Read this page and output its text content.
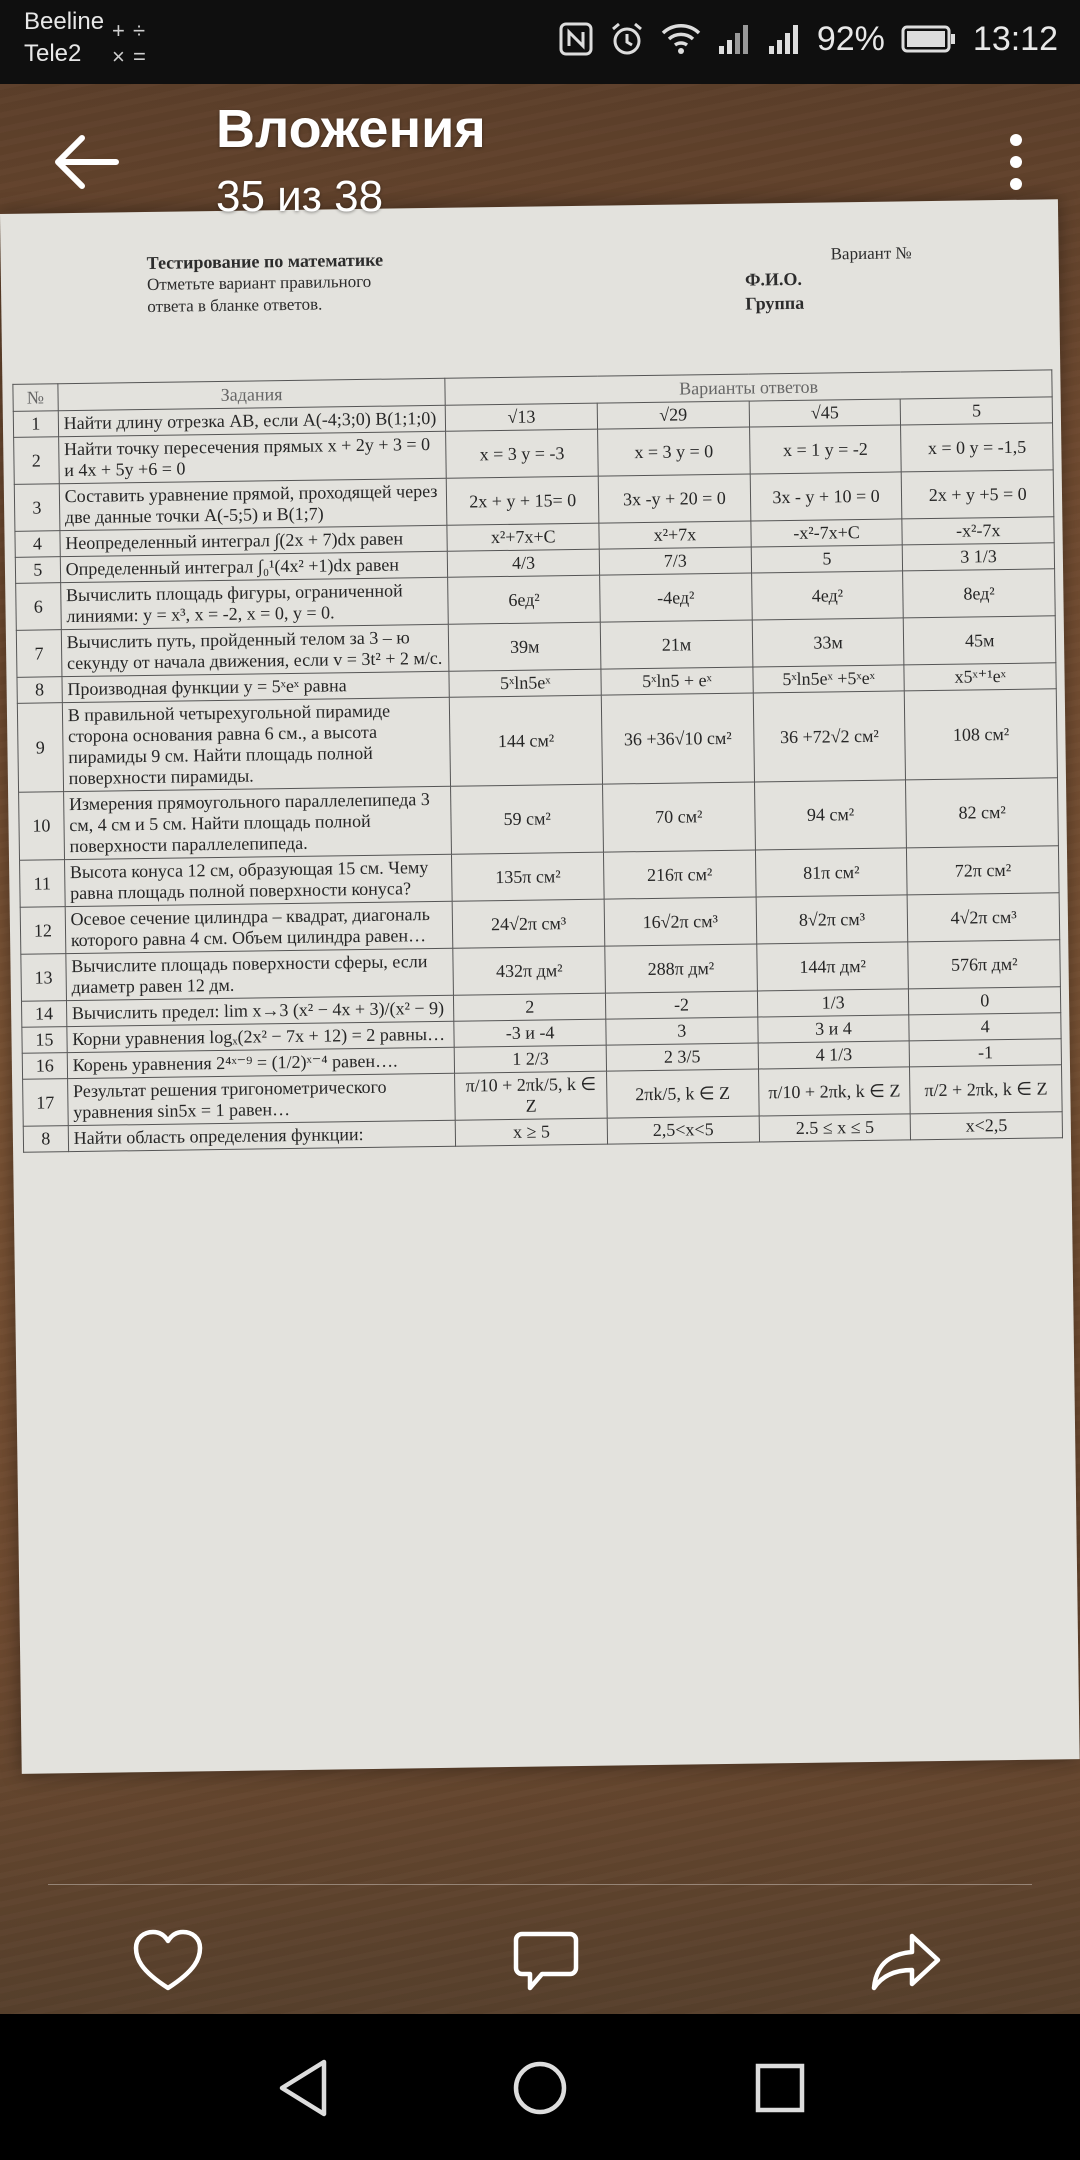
Beeline
Tele2
+ ÷
× =	92%	13:12
Тестирование по математике
Отметьте вариант правильного
ответа в бланке ответов.
Вариант №
Ф.И.О.
Группа
№	Задания	Варианты ответов			
1	Найти длину отрезка АВ, если А(-4;3;0) В(1;1;0)	√13	√29	√45	5
2	Найти точку пересечения прямых x + 2y + 3 = 0 и 4x + 5y +6 = 0	x = 3 y = -3	x = 3 y = 0	x = 1 y = -2	x = 0 y = -1,5
3	Составить уравнение прямой, проходящей через две данные точки А(-5;5) и В(1;7)	2x + y + 15= 0	3x -y + 20 = 0	3x - y + 10 = 0	2x + y +5 = 0
4	Неопределенный интеграл ∫(2x + 7)dx равен	x²+7x+C	x²+7x	-x²-7x+C	-x²-7x
5	Определенный интеграл ∫₀¹(4x² +1)dx равен	4/3	7/3	5	3 1/3
6	Вычислить площадь фигуры, ограниченной линиями: y = x³, x = -2, x = 0, y = 0.	6ед²	-4ед²	4ед²	8ед²
7	Вычислить путь, пройденный телом за 3 – ю секунду от начала движения, если v = 3t² + 2 м/с.	39м	21м	33м	45м
8	Производная функции y = 5ˣeˣ равна	5ˣln5eˣ	5ˣln5 + eˣ	5ˣln5eˣ +5ˣeˣ	x5ˣ⁺¹eˣ
9	В правильной четырехугольной пирамиде сторона основания равна 6 см., а высота пирамиды 9 см. Найти площадь полной поверхности пирамиды.	144 см²	36 +36√10 см²	36 +72√2 см²	108 см²
10	Измерения прямоугольного параллелепипеда 3 см, 4 см и 5 см. Найти площадь полной поверхности параллелепипеда.	59 см²	70 см²	94 см²	82 см²
11	Высота конуса 12 см, образующая 15 см. Чему равна площадь полной поверхности конуса?	135π см²	216π см²	81π см²	72π см²
12	Осевое сечение цилиндра – квадрат, диагональ которого равна 4 см. Объем цилиндра равен…	24√2π см³	16√2π см³	8√2π см³	4√2π см³
13	Вычислите площадь поверхности сферы, если диаметр равен 12 дм.	432π дм²	288π дм²	144π дм²	576π дм²
14	Вычислить предел: lim x→3 (x² − 4x + 3)/(x² − 9)	2	-2	1/3	0
15	Корни уравнения logₓ(2x² − 7x + 12) = 2 равны…	-3 и -4	3	3 и 4	4
16	Корень уравнения 2⁴ˣ⁻⁹ = (1/2)ˣ⁻⁴ равен….	1 2/3	2 3/5	4 1/3	-1
17	Результат решения тригонометрического уравнения sin5x = 1 равен…	π/10 + 2πk/5, k ∈ Z	2πk/5, k ∈ Z	π/10 + 2πk, k ∈ Z	π/2 + 2πk, k ∈ Z
8	Найти область определения функции:	x ≥ 5	2,5<x<5	2.5 ≤ x ≤ 5	x<2,5
Вложения
35 из 38
